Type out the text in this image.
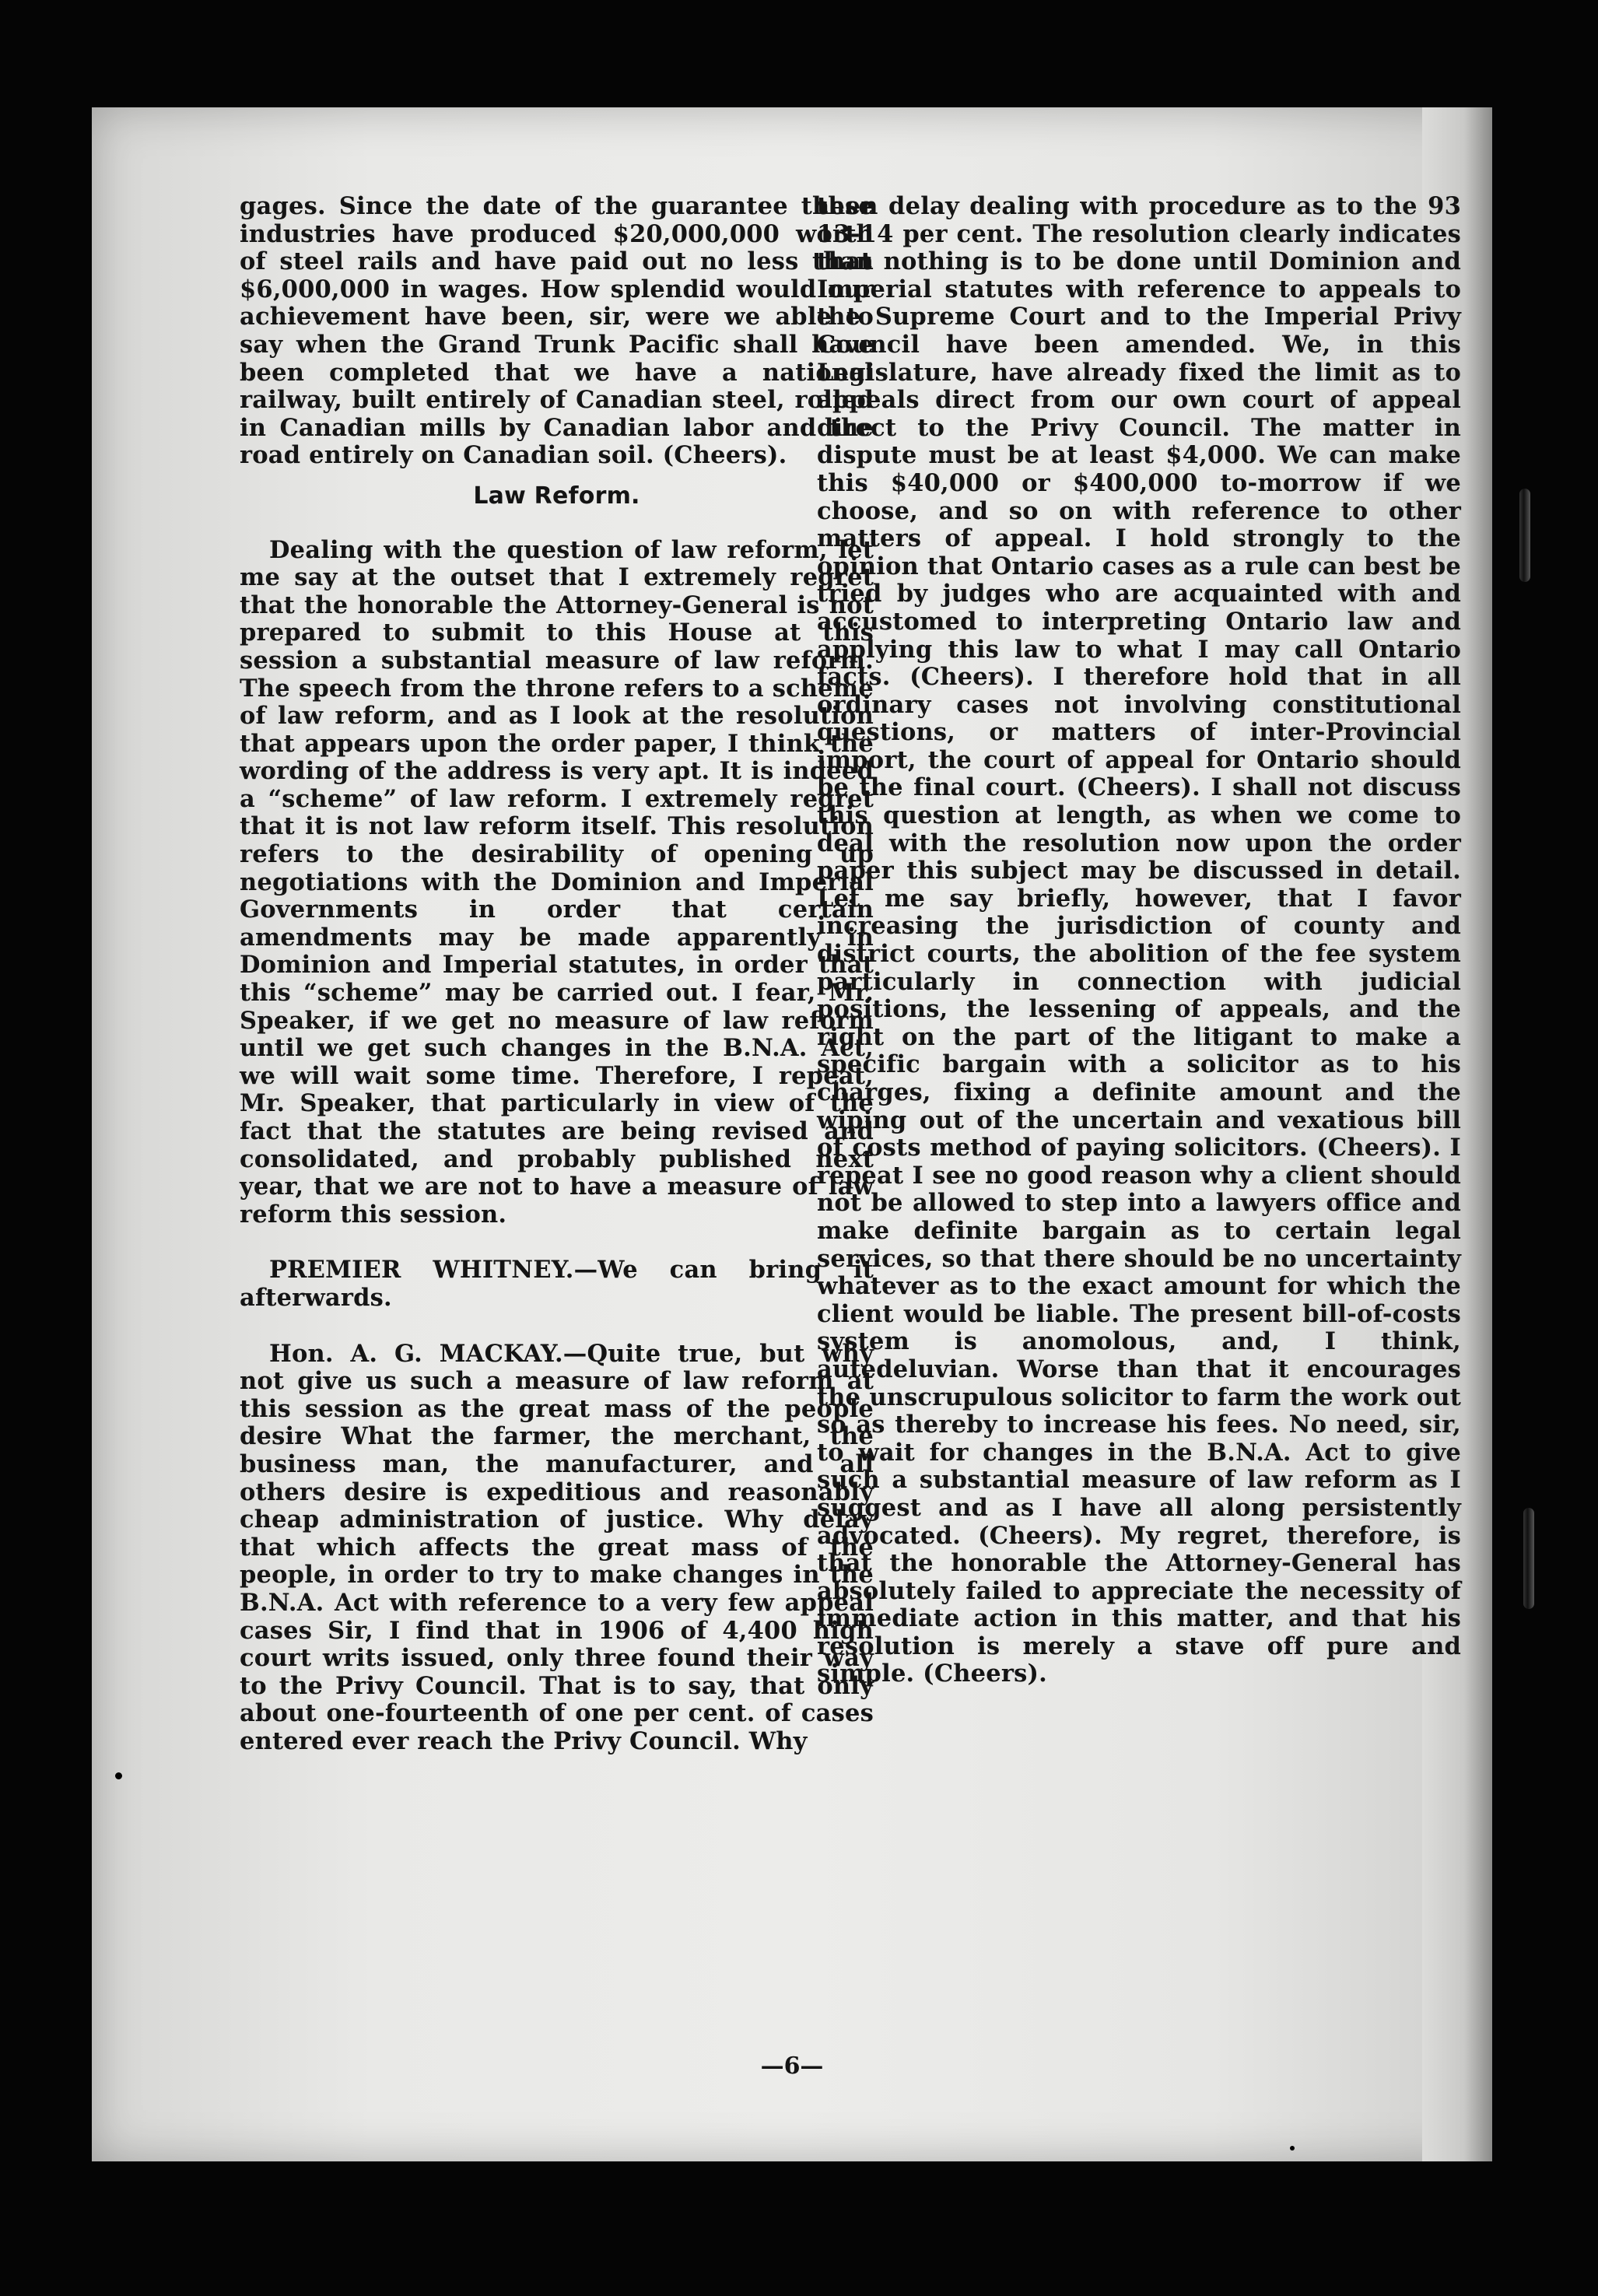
gages. Since the date of the guarantee these industries have produced $20,000,000 worth of steel rails and have paid out no less than $6,000,000 in wages. How splendid would our achievement have been, sir, were we able to say when the Grand Trunk Pacific shall have been completed that we have a national railway, built entirely of Canadian steel, rolled in Canadian mills by Canadian labor and the road entirely on Canadian soil. (Cheers).

Law Reform.

Dealing with the question of law reform, let me say at the outset that I extremely regret that the honorable the Attorney-General is not prepared to submit to this House at this session a substantial measure of law reform. The speech from the throne refers to a scheme of law reform, and as I look at the resolution that appears upon the order paper, I think the wording of the address is very apt. It is indeed a “scheme” of law reform. I extremely regret that it is not law reform itself. This resolution refers to the desirability of opening up negotiations with the Dominion and Imperial Governments in order that certain amendments may be made apparently in Dominion and Imperial statutes, in order that this “scheme” may be carried out. I fear, Mr. Speaker, if we get no measure of law reform until we get such changes in the B.N.A. Act, we will wait some time. Therefore, I repeat, Mr. Speaker, that particularly in view of the fact that the statutes are being revised and consolidated, and probably published next year, that we are not to have a measure of law reform this session.

PREMIER WHITNEY.—We can bring it afterwards.

Hon. A. G. MACKAY.—Quite true, but why not give us such a measure of law reform at this session as the great mass of the people desire What the farmer, the merchant, the business man, the manufacturer, and all others desire is expeditious and reasonably cheap administration of justice. Why delay that which affects the great mass of the people, in order to try to make changes in the B.N.A. Act with reference to a very few appeal cases Sir, I find that in 1906 of 4,400 high court writs issued, only three found their way to the Privy Council. That is to say, that only about one-fourteenth of one per cent. of cases entered ever reach the Privy Council. Why

then delay dealing with procedure as to the 93 13-14 per cent. The resolution clearly indicates that nothing is to be done until Dominion and Imperial statutes with reference to appeals to the Supreme Court and to the Imperial Privy Council have been amended. We, in this Legislature, have already fixed the limit as to appeals direct from our own court of appeal direct to the Privy Council. The matter in dispute must be at least $4,000. We can make this $40,000 or $400,000 to-morrow if we choose, and so on with reference to other matters of appeal. I hold strongly to the opinion that Ontario cases as a rule can best be tried by judges who are acquainted with and accustomed to interpreting Ontario law and applying this law to what I may call Ontario facts. (Cheers). I therefore hold that in all ordinary cases not involving constitutional questions, or matters of inter-Provincial import, the court of appeal for Ontario should be the final court. (Cheers). I shall not discuss this question at length, as when we come to deal with the resolution now upon the order paper this subject may be discussed in detail. Let me say briefly, however, that I favor increasing the jurisdiction of county and district courts, the abolition of the fee system particularly in connection with judicial positions, the lessening of appeals, and the right on the part of the litigant to make a specific bargain with a solicitor as to his charges, fixing a definite amount and the wiping out of the uncertain and vexatious bill of costs method of paying solicitors. (Cheers). I repeat I see no good reason why a client should not be allowed to step into a lawyers office and make definite bargain as to certain legal services, so that there should be no uncertainty whatever as to the exact amount for which the client would be liable. The present bill-of-costs system is anomolous, and, I think, autedeluvian. Worse than that it encourages the unscrupulous solicitor to farm the work out so as thereby to increase his fees. No need, sir, to wait for changes in the B.N.A. Act to give such a substantial measure of law reform as I suggest and as I have all along persistently advocated. (Cheers). My regret, therefore, is that the honorable the Attorney-General has absolutely failed to appreciate the necessity of immediate action in this matter, and that his resolution is merely a stave off pure and simple. (Cheers).

—6—
